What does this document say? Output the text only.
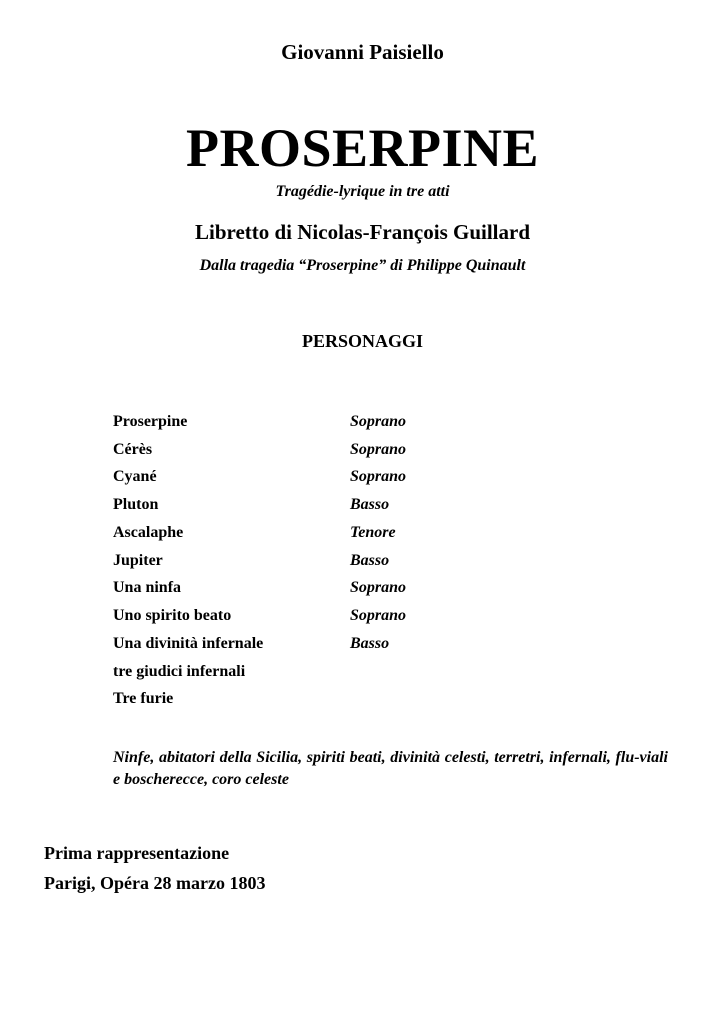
Giovanni Paisiello
PROSERPINE
Tragédie-lyrique in tre atti
Libretto di Nicolas-François Guillard
Dalla tragedia “Proserpine” di Philippe Quinault
PERSONAGGI
Proserpine	Soprano
Cérès	Soprano
Cyané	Soprano
Pluton	Basso
Ascalaphe	Tenore
Jupiter	Basso
Una ninfa	Soprano
Uno spirito beato	Soprano
Una divinità infernale	Basso
tre giudici infernali
Tre furie
Ninfe, abitatori della Sicilia, spiriti beati, divinità celesti, terretri, infernali, flu-viali e boscherecce, coro celeste
Prima rappresentazione
Parigi, Opéra 28 marzo 1803
